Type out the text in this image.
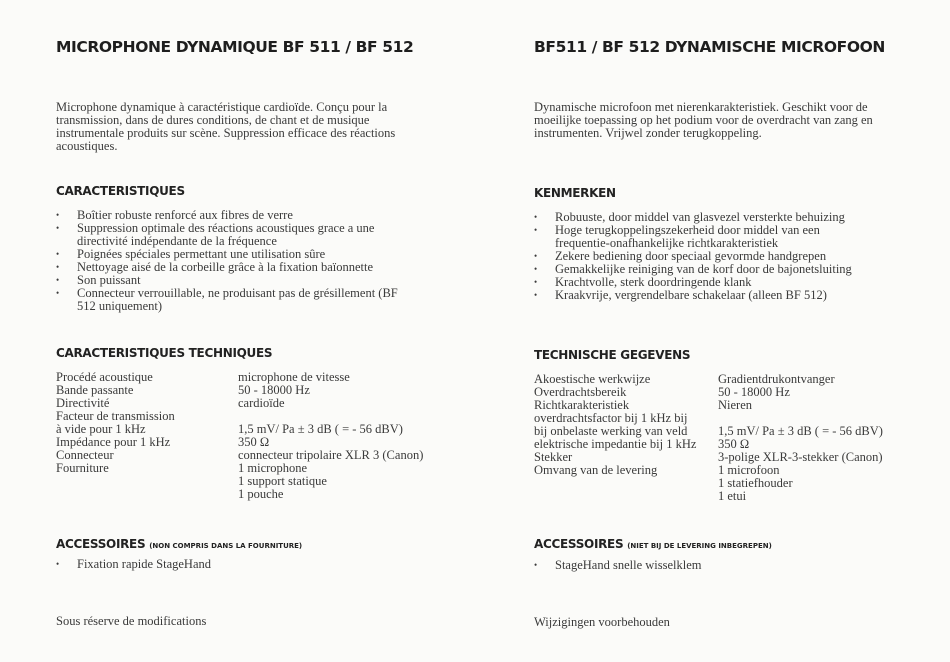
MICROPHONE DYNAMIQUE BF 511 / BF 512
Microphone dynamique à caractéristique cardioïde. Conçu pour la transmission, dans de dures conditions, de chant et de musique instrumentale produits sur scène. Suppression efficace des réactions acoustiques.
CARACTERISTIQUES
• Boîtier robuste renforcé aux fibres de verre
• Suppression optimale des réactions acoustiques grace a une directivité indépendante de la fréquence
• Poignées spéciales permettant une utilisation sûre
• Nettoyage aisé de la corbeille grâce à la fixation baïonnette
• Son puissant
• Connecteur verrouillable, ne produisant pas de grésillement (BF 512 uniquement)
CARACTERISTIQUES TECHNIQUES
Procédé acoustique
Bande passante
Directivité
Facteur de transmission
à vide pour 1 kHz
Impédance pour 1 kHz
Connecteur
Fourniture
microphone de vitesse
50 - 18000 Hz
cardioïde
1,5 mV/ Pa ± 3 dB ( = - 56 dBV)
350 Ω
connecteur tripolaire XLR 3 (Canon)
1 microphone
1 support statique
1 pouche
ACCESSOIRES (NON COMPRIS DANS LA FOURNITURE)
• Fixation rapide StageHand
Sous réserve de modifications
BF511 / BF 512 DYNAMISCHE MICROFOON
Dynamische microfoon met nierenkarakteristiek. Geschikt voor de moeilijke toepassing op het podium voor de overdracht van zang en instrumenten. Vrijwel zonder terugkoppeling.
KENMERKEN
• Robuuste, door middel van glasvezel versterkte behuizing
• Hoge terugkoppelingszekerheid door middel van een frequentie-onafhankelijke richtkarakteristiek
• Zekere bediening door speciaal gevormde handgrepen
• Gemakkelijke reiniging van de korf door de bajonetsluiting
• Krachtvolle, sterk doordringende klank
• Kraakvrije, vergrendelbare schakelaar (alleen BF 512)
TECHNISCHE GEGEVENS
Akoestische werkwijze
Overdrachtsbereik
Richtkarakteristiek
overdrachtsfactor bij 1 kHz bij
bij onbelaste werking van veld
elektrische impedantie bij 1 kHz
Stekker
Omvang van de levering
Gradientdrukontvanger
50 - 18000 Hz
Nieren
1,5 mV/ Pa ± 3 dB ( = - 56 dBV)
350 Ω
3-polige XLR-3-stekker (Canon)
1 microfoon
1 statiefhouder
1 etui
ACCESSOIRES (NIET BIJ DE LEVERING INBEGREPEN)
• StageHand snelle wisselklem
Wijzigingen voorbehouden
